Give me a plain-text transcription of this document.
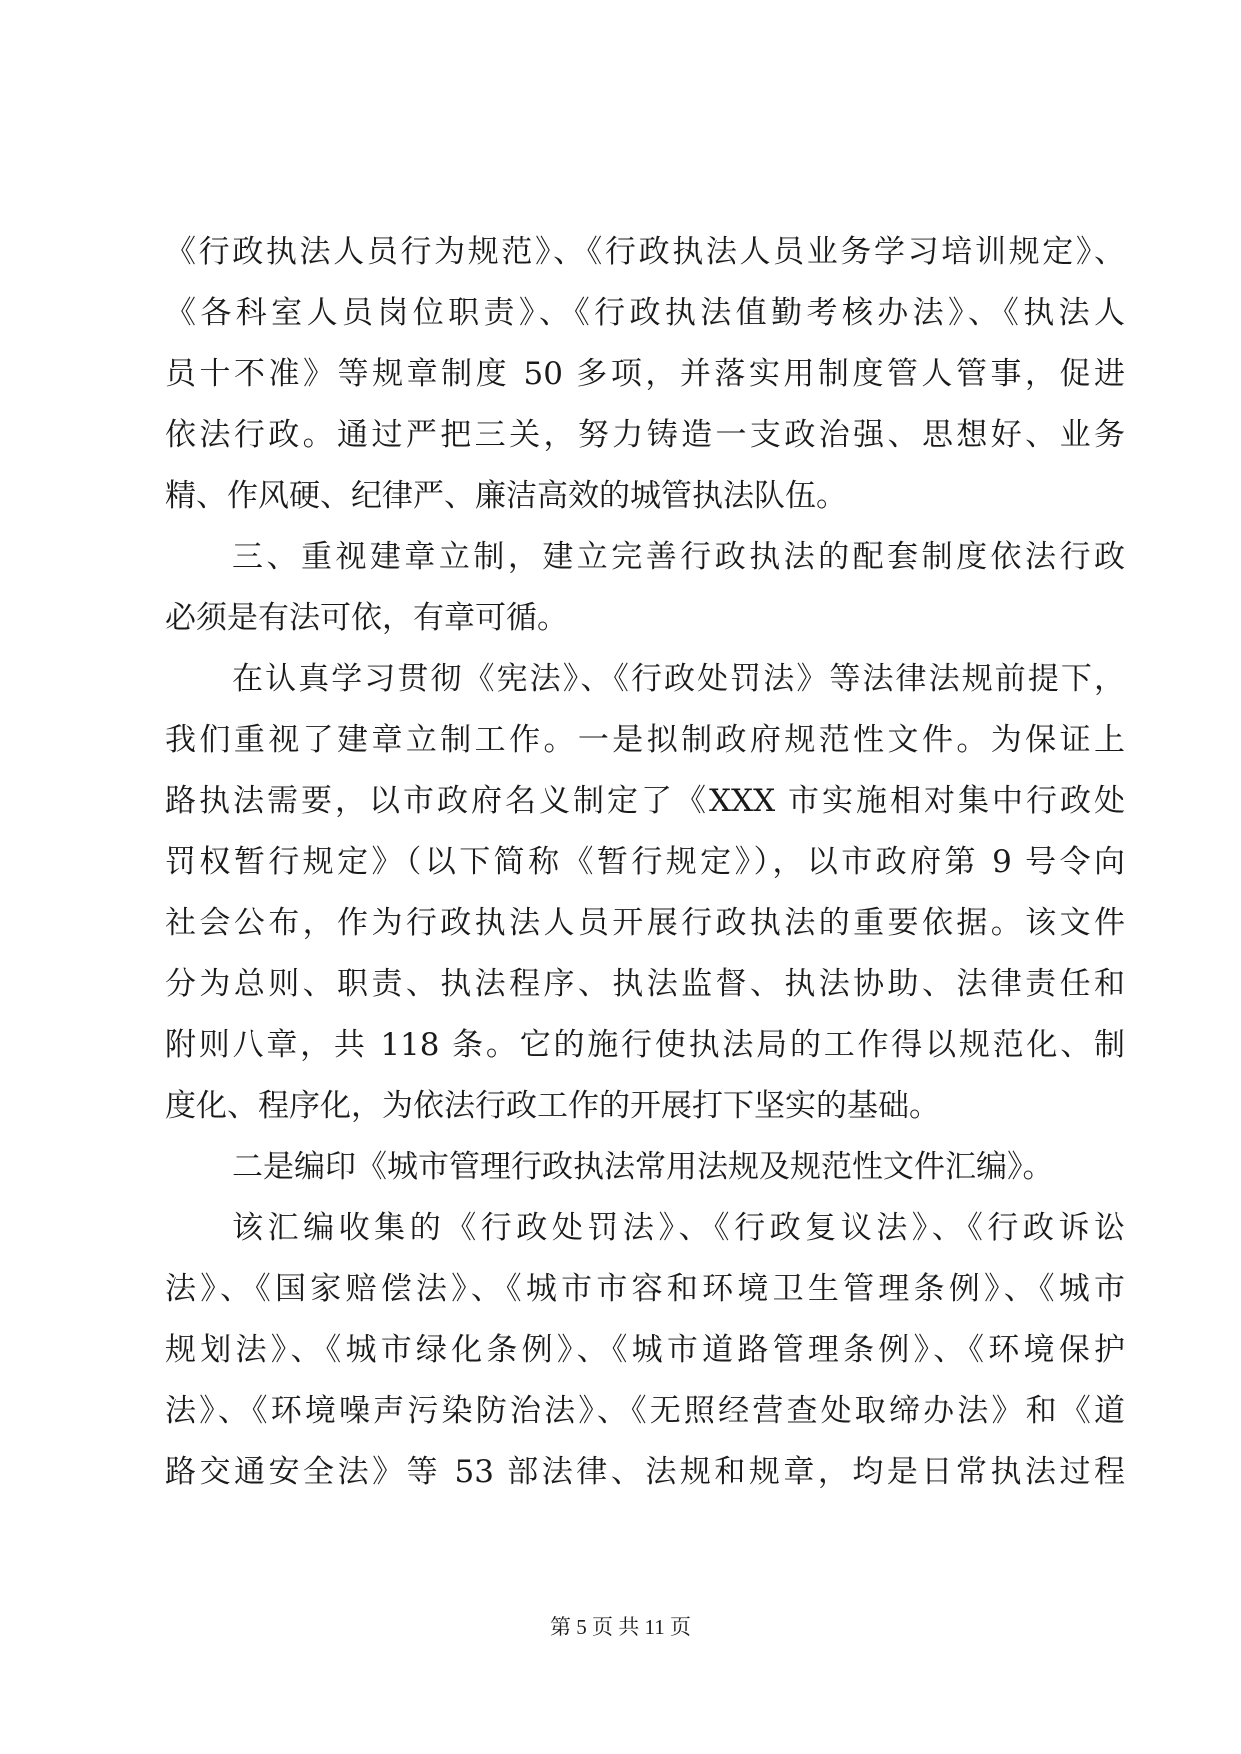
《行政执法人员行为规范》、《行政执法人员业务学习培训规定》、
《各科室人员岗位职责》、《行政执法值勤考核办法》、《执法人
员十不准》等规章制度 50 多项，并落实用制度管人管事，促进
依法行政。通过严把三关，努力铸造一支政治强、思想好、业务
精、作风硬、纪律严、廉洁高效的城管执法队伍。
三、重视建章立制，建立完善行政执法的配套制度依法行政
必须是有法可依，有章可循。
在认真学习贯彻《宪法》、《行政处罚法》等法律法规前提下，
我们重视了建章立制工作。一是拟制政府规范性文件。为保证上
路执法需要，以市政府名义制定了《XXX 市实施相对集中行政处
罚权暂行规定》（以下简称《暂行规定》），以市政府第 9 号令向
社会公布，作为行政执法人员开展行政执法的重要依据。该文件
分为总则、职责、执法程序、执法监督、执法协助、法律责任和
附则八章，共 118 条。它的施行使执法局的工作得以规范化、制
度化、程序化，为依法行政工作的开展打下坚实的基础。
二是编印《城市管理行政执法常用法规及规范性文件汇编》。
该汇编收集的《行政处罚法》、《行政复议法》、《行政诉讼
法》、《国家赔偿法》、《城市市容和环境卫生管理条例》、《城市
规划法》、《城市绿化条例》、《城市道路管理条例》、《环境保护
法》、《环境噪声污染防治法》、《无照经营查处取缔办法》和《道
路交通安全法》等 53 部法律、法规和规章，均是日常执法过程
第 5 页 共 11 页
